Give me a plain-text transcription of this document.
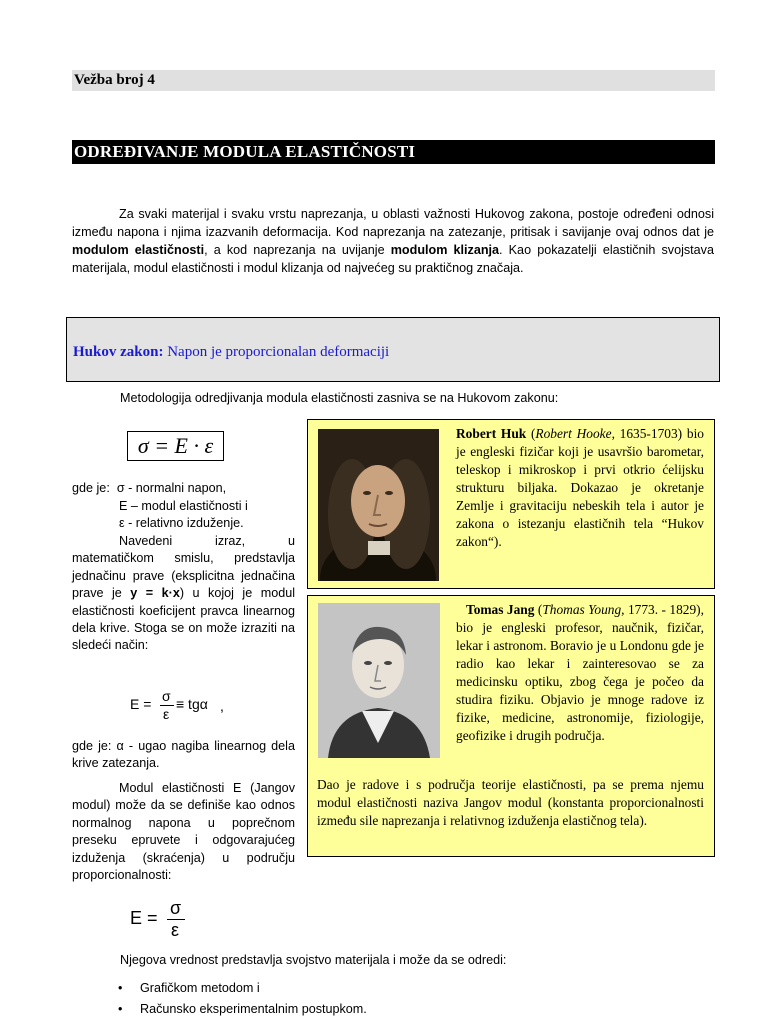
Vežba broj 4
ODREĐIVANJE MODULA ELASTIČNOSTI

Za svaki materijal i svaku vrstu naprezanja, u oblasti važnosti Hukovog zakona, postoje određeni odnosi između napona i njima izazvanih deformacija. Kod naprezanja na zatezanje, pritisak i savijanje ovaj odnos dat je modulom elastičnosti, a kod naprezanja na uvijanje modulom klizanja. Kao pokazatelji elastičnih svojstava materijala, modul elastičnosti i modul klizanja od najvećeg su praktičnog značaja.

Hukov zakon: Napon je proporcionalan deformaciji
Metodologija odredjivanja modula elastičnosti zasniva se na Hukovom zakonu:
σ = E · ε
gde je: σ - normalni napon,
E – modul elastičnosti i
ε - relativno izduženje.

Navedeni izraz, u matematičkom smislu, predstavlja jednačinu prave (eksplicitna jednačina prave je y = k·x) u kojoj je modul elastičnosti koeficijent pravca linearnog dela krive. Stoga se on može izraziti na sledeći način:

E = σ
ε
≡ tgα ,
gde je: α - ugao nagiba linearnog dela krive zatezanja.

Modul elastičnosti E (Jangov modul) može da se definiše kao odnos normalnog napona u poprečnom preseku epruvete i odgovarajućeg izduženja (skraćenja) u području proporcionalnosti:

E = σ
ε
Njegova vrednost predstavlja svojstvo materijala i može da se odredi:
• Grafičkom metodom i
• Računsko eksperimentalnim postupkom.

Robert Huk (Robert Hooke, 1635-1703) bio je engleski fizičar koji je usavršio barometar, teleskop i mikroskop i prvi otkrio ćelijsku strukturu biljaka. Dokazao je okretanje Zemlje i gravitaciju nebeskih tela i autor je zakona o istezanju elastičnih tela “Hukov zakon“).

Tomas Jang (Thomas Young, 1773. - 1829), bio je engleski profesor, naučnik, fizičar, lekar i astronom. Boravio je u Londonu gde je radio kao lekar i zainteresovao se za medicinsku optiku, zbog čega je počeo da studira fiziku. Objavio je mnoge radove iz fizike, medicine, astronomije, fiziologije, geofizike i drugih područja.

Dao je radove i s područja teorije elastičnosti, pa se prema njemu modul elastičnosti naziva Jangov modul (konstanta proporcionalnosti između sile naprezanja i relativnog izduženja elastičnog tela).
